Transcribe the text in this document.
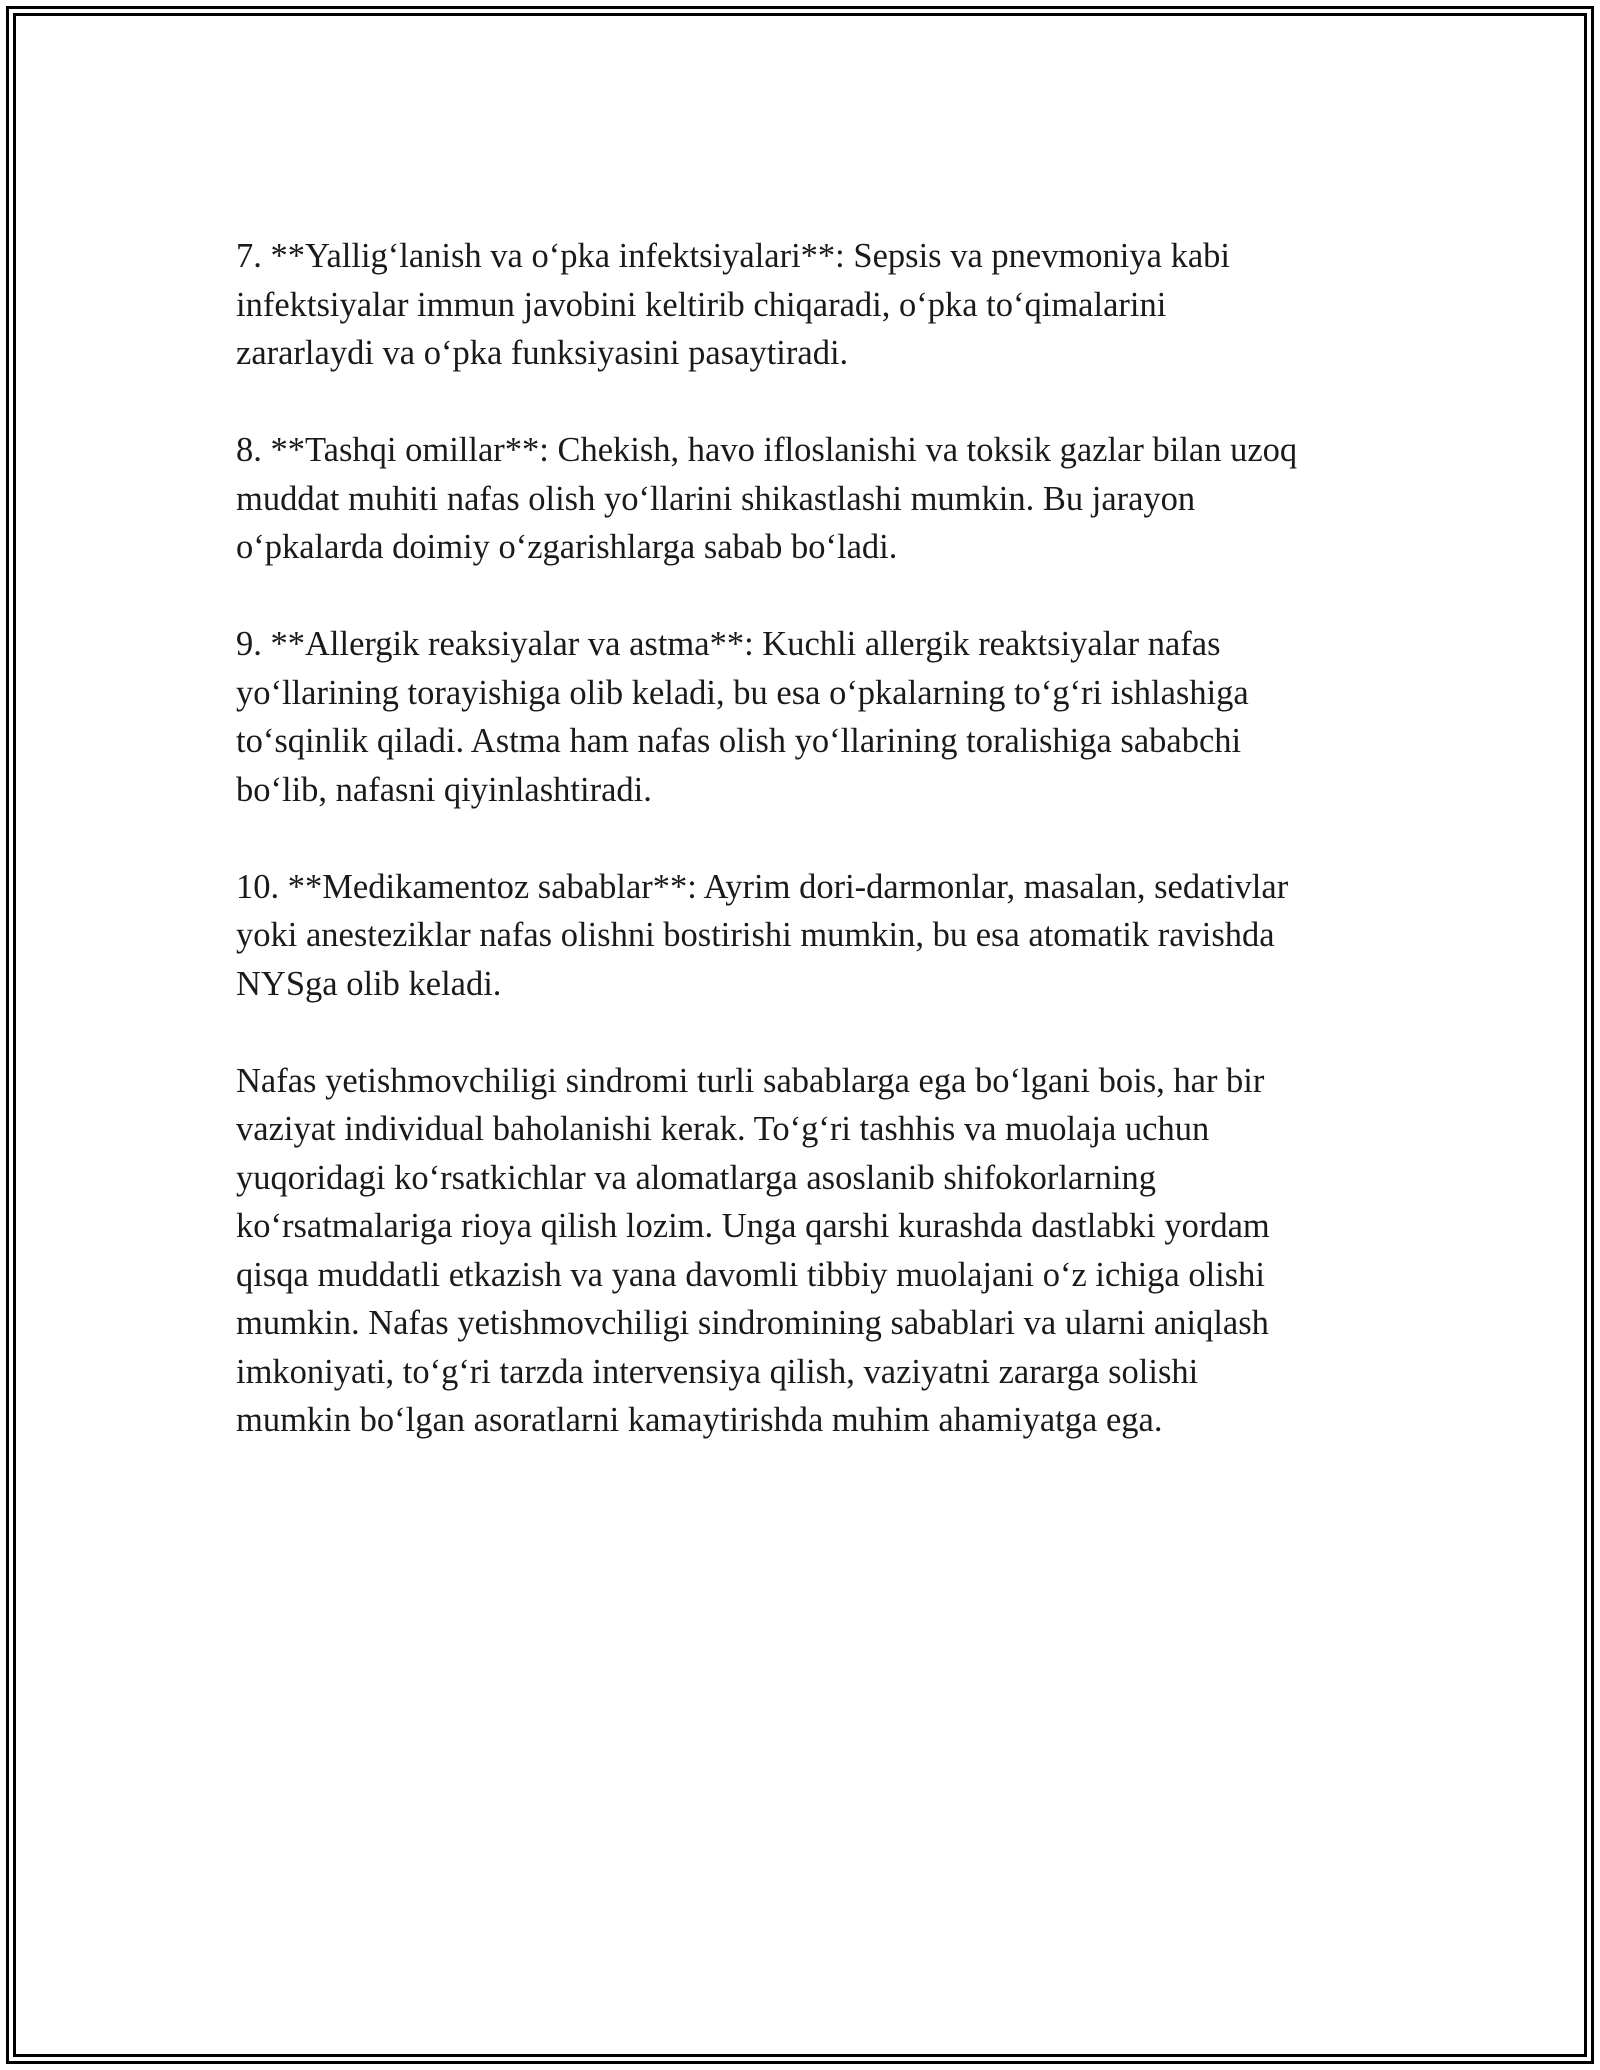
7. **Yallig‘lanish va o‘pka infektsiyalari**: Sepsis va pnevmoniya kabi
infektsiyalar immun javobini keltirib chiqaradi, o‘pka to‘qimalarini
zararlaydi va o‘pka funksiyasini pasaytiradi.

8. **Tashqi omillar**: Chekish, havo ifloslanishi va toksik gazlar bilan uzoq
muddat muhiti nafas olish yo‘llarini shikastlashi mumkin. Bu jarayon
o‘pkalarda doimiy o‘zgarishlarga sabab bo‘ladi.

9. **Allergik reaksiyalar va astma**: Kuchli allergik reaktsiyalar nafas
yo‘llarining torayishiga olib keladi, bu esa o‘pkalarning to‘g‘ri ishlashiga
to‘sqinlik qiladi. Astma ham nafas olish yo‘llarining toralishiga sababchi
bo‘lib, nafasni qiyinlashtiradi.

10. **Medikamentoz sabablar**: Ayrim dori-darmonlar, masalan, sedativlar
yoki anesteziklar nafas olishni bostirishi mumkin, bu esa atomatik ravishda
NYSga olib keladi.

Nafas yetishmovchiligi sindromi turli sabablarga ega bo‘lgani bois, har bir
vaziyat individual baholanishi kerak. To‘g‘ri tashhis va muolaja uchun
yuqoridagi ko‘rsatkichlar va alomatlarga asoslanib shifokorlarning
ko‘rsatmalariga rioya qilish lozim. Unga qarshi kurashda dastlabki yordam
qisqa muddatli etkazish va yana davomli tibbiy muolajani o‘z ichiga olishi
mumkin. Nafas yetishmovchiligi sindromining sabablari va ularni aniqlash
imkoniyati, to‘g‘ri tarzda intervensiya qilish, vaziyatni zararga solishi
mumkin bo‘lgan asoratlarni kamaytirishda muhim ahamiyatga ega.
